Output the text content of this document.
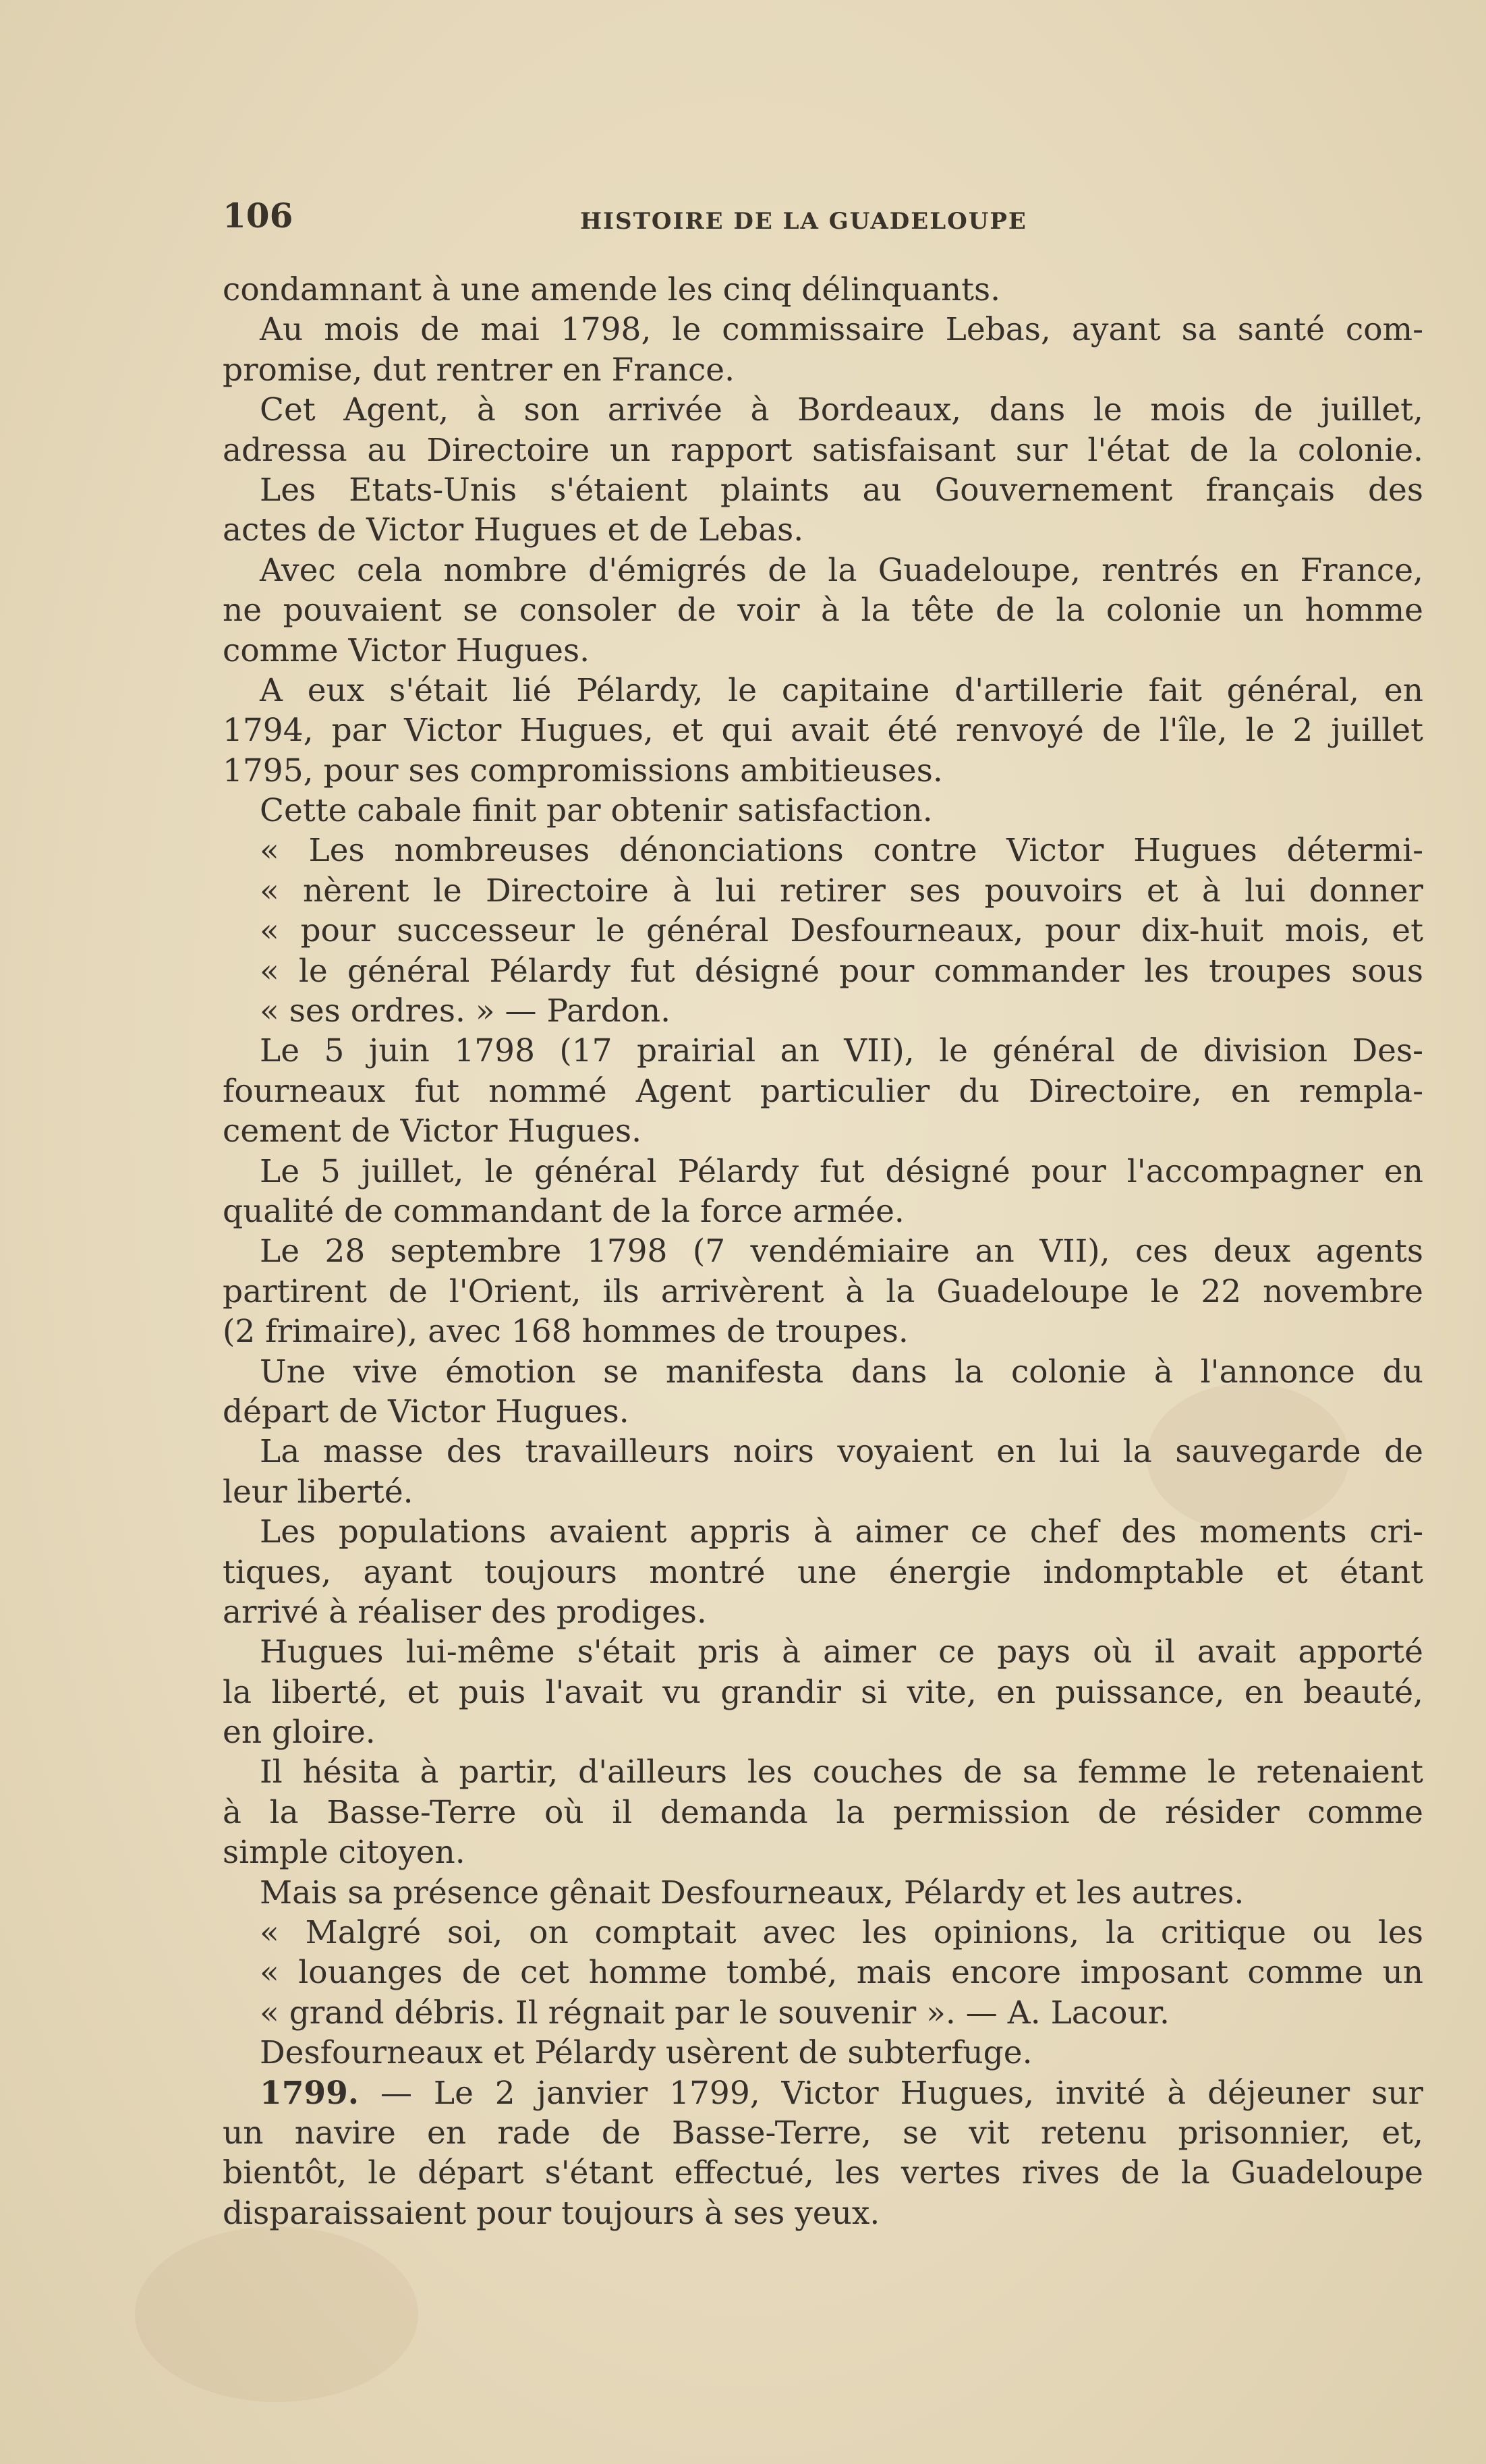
106	HISTOIRE DE LA GUADELOUPE
condamnant à une amende les cinq délinquants.
Au mois de mai 1798, le commissaire Lebas, ayant sa santé com-
promise, dut rentrer en France.
Cet Agent, à son arrivée à Bordeaux, dans le mois de juillet,
adressa au Directoire un rapport satisfaisant sur l'état de la colonie.
Les Etats-Unis s'étaient plaints au Gouvernement français des
actes de Victor Hugues et de Lebas.
Avec cela nombre d'émigrés de la Guadeloupe, rentrés en France,
ne pouvaient se consoler de voir à la tête de la colonie un homme
comme Victor Hugues.
A eux s'était lié Pélardy, le capitaine d'artillerie fait général, en
1794, par Victor Hugues, et qui avait été renvoyé de l'île, le 2 juillet
1795, pour ses compromissions ambitieuses.
Cette cabale finit par obtenir satisfaction.
« Les nombreuses dénonciations contre Victor Hugues détermi-
« nèrent le Directoire à lui retirer ses pouvoirs et à lui donner
« pour successeur le général Desfourneaux, pour dix-huit mois, et
« le général Pélardy fut désigné pour commander les troupes sous
« ses ordres. » — Pardon.
Le 5 juin 1798 (17 prairial an VII), le général de division Des-
fourneaux fut nommé Agent particulier du Directoire, en rempla-
cement de Victor Hugues.
Le 5 juillet, le général Pélardy fut désigné pour l'accompagner en
qualité de commandant de la force armée.
Le 28 septembre 1798 (7 vendémiaire an VII), ces deux agents
partirent de l'Orient, ils arrivèrent à la Guadeloupe le 22 novembre
(2 frimaire), avec 168 hommes de troupes.
Une vive émotion se manifesta dans la colonie à l'annonce du
départ de Victor Hugues.
La masse des travailleurs noirs voyaient en lui la sauvegarde de
leur liberté.
Les populations avaient appris à aimer ce chef des moments cri-
tiques, ayant toujours montré une énergie indomptable et étant
arrivé à réaliser des prodiges.
Hugues lui-même s'était pris à aimer ce pays où il avait apporté
la liberté, et puis l'avait vu grandir si vite, en puissance, en beauté,
en gloire.
Il hésita à partir, d'ailleurs les couches de sa femme le retenaient
à la Basse-Terre où il demanda la permission de résider comme
simple citoyen.
Mais sa présence gênait Desfourneaux, Pélardy et les autres.
« Malgré soi, on comptait avec les opinions, la critique ou les
« louanges de cet homme tombé, mais encore imposant comme un
« grand débris. Il régnait par le souvenir ». — A. Lacour.
Desfourneaux et Pélardy usèrent de subterfuge.
1799. — Le 2 janvier 1799, Victor Hugues, invité à déjeuner sur
un navire en rade de Basse-Terre, se vit retenu prisonnier, et,
bientôt, le départ s'étant effectué, les vertes rives de la Guadeloupe
disparaissaient pour toujours à ses yeux.
